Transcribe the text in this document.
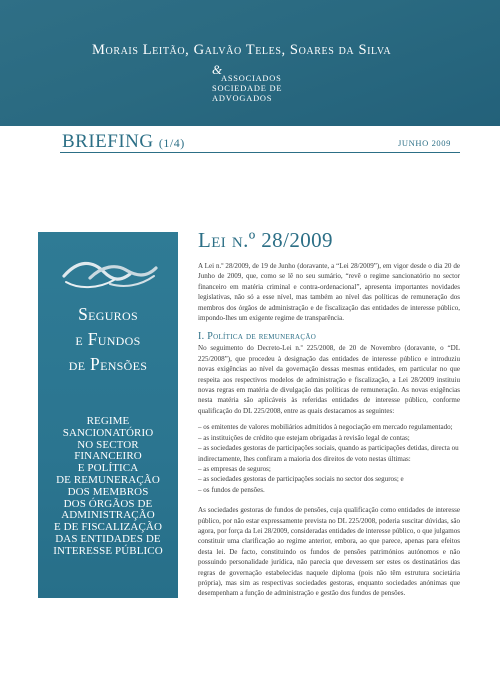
Morais Leitão, Galvão Teles, Soares da Silva
&
ASSOCIADOS
SOCIEDADE DE
ADVOGADOS
BRIEFING (1/4)	JUNHO 2009
Seguros
e Fundos
de Pensões
REGIME
SANCIONATÓRIO
NO SECTOR
FINANCEIRO
E POLÍTICA
DE REMUNERAÇÃO
DOS MEMBROS
DOS ÓRGÃOS DE
ADMINISTRAÇÃO
E DE FISCALIZAÇÃO
DAS ENTIDADES DE
INTERESSE PÚBLICO
Lei n.º 28/2009

A Lei n.º 28/2009, de 19 de Junho (doravante, a “Lei 28/2009”), em vigor desde o dia 20 de Junho de 2009, que, como se lê no seu sumário, “revê o regime sancionatório no sector financeiro em matéria criminal e contra-ordenacional”, apresenta importantes novidades legislativas, não só a esse nível, mas também ao nível das políticas de remuneração dos membros dos órgãos de administração e de fiscalização das entidades de interesse público, impondo-lhes um exigente regime de transparência.

I. Política de remuneração

No seguimento do Decreto-Lei n.º 225/2008, de 20 de Novembro (doravante, o “DL 225/2008”), que procedeu à designação das entidades de interesse público e introduziu novas exigências ao nível da governação dessas mesmas entidades, em particular no que respeita aos respectivos modelos de administração e fiscalização, a Lei 28/2009 instituiu novas regras em matéria de divulgação das políticas de remuneração. As novas exigências nesta matéria são aplicáveis às referidas entidades de interesse público, conforme qualificação do DL 225/2008, entre as quais destacamos as seguintes:

– os emitentes de valores mobiliários admitidos à negociação em mercado regulamentado;
– as instituições de crédito que estejam obrigadas à revisão legal de contas;
– as sociedades gestoras de participações sociais, quando as participações detidas, directa ou indirectamente, lhes confiram a maioria dos direitos de voto nestas últimas:
– as empresas de seguros;
– as sociedades gestoras de participações sociais no sector dos seguros; e
– os fundos de pensões.

As sociedades gestoras de fundos de pensões, cuja qualificação como entidades de interesse público, por não estar expressamente prevista no DL 225/2008, poderia suscitar dúvidas, são agora, por força da Lei 28/2009, consideradas entidades de interesse público, o que julgamos constituir uma clarificação ao regime anterior, embora, ao que parece, apenas para efeitos desta lei. De facto, constituindo os fundos de pensões patrimónios autónomos e não possuindo personalidade jurídica, não parecia que devessem ser estes os destinatários das regras de governação estabelecidas naquele diploma (pois não têm estrutura societária própria), mas sim as respectivas sociedades gestoras, enquanto sociedades anónimas que desempenham a função de administração e gestão dos fundos de pensões.
